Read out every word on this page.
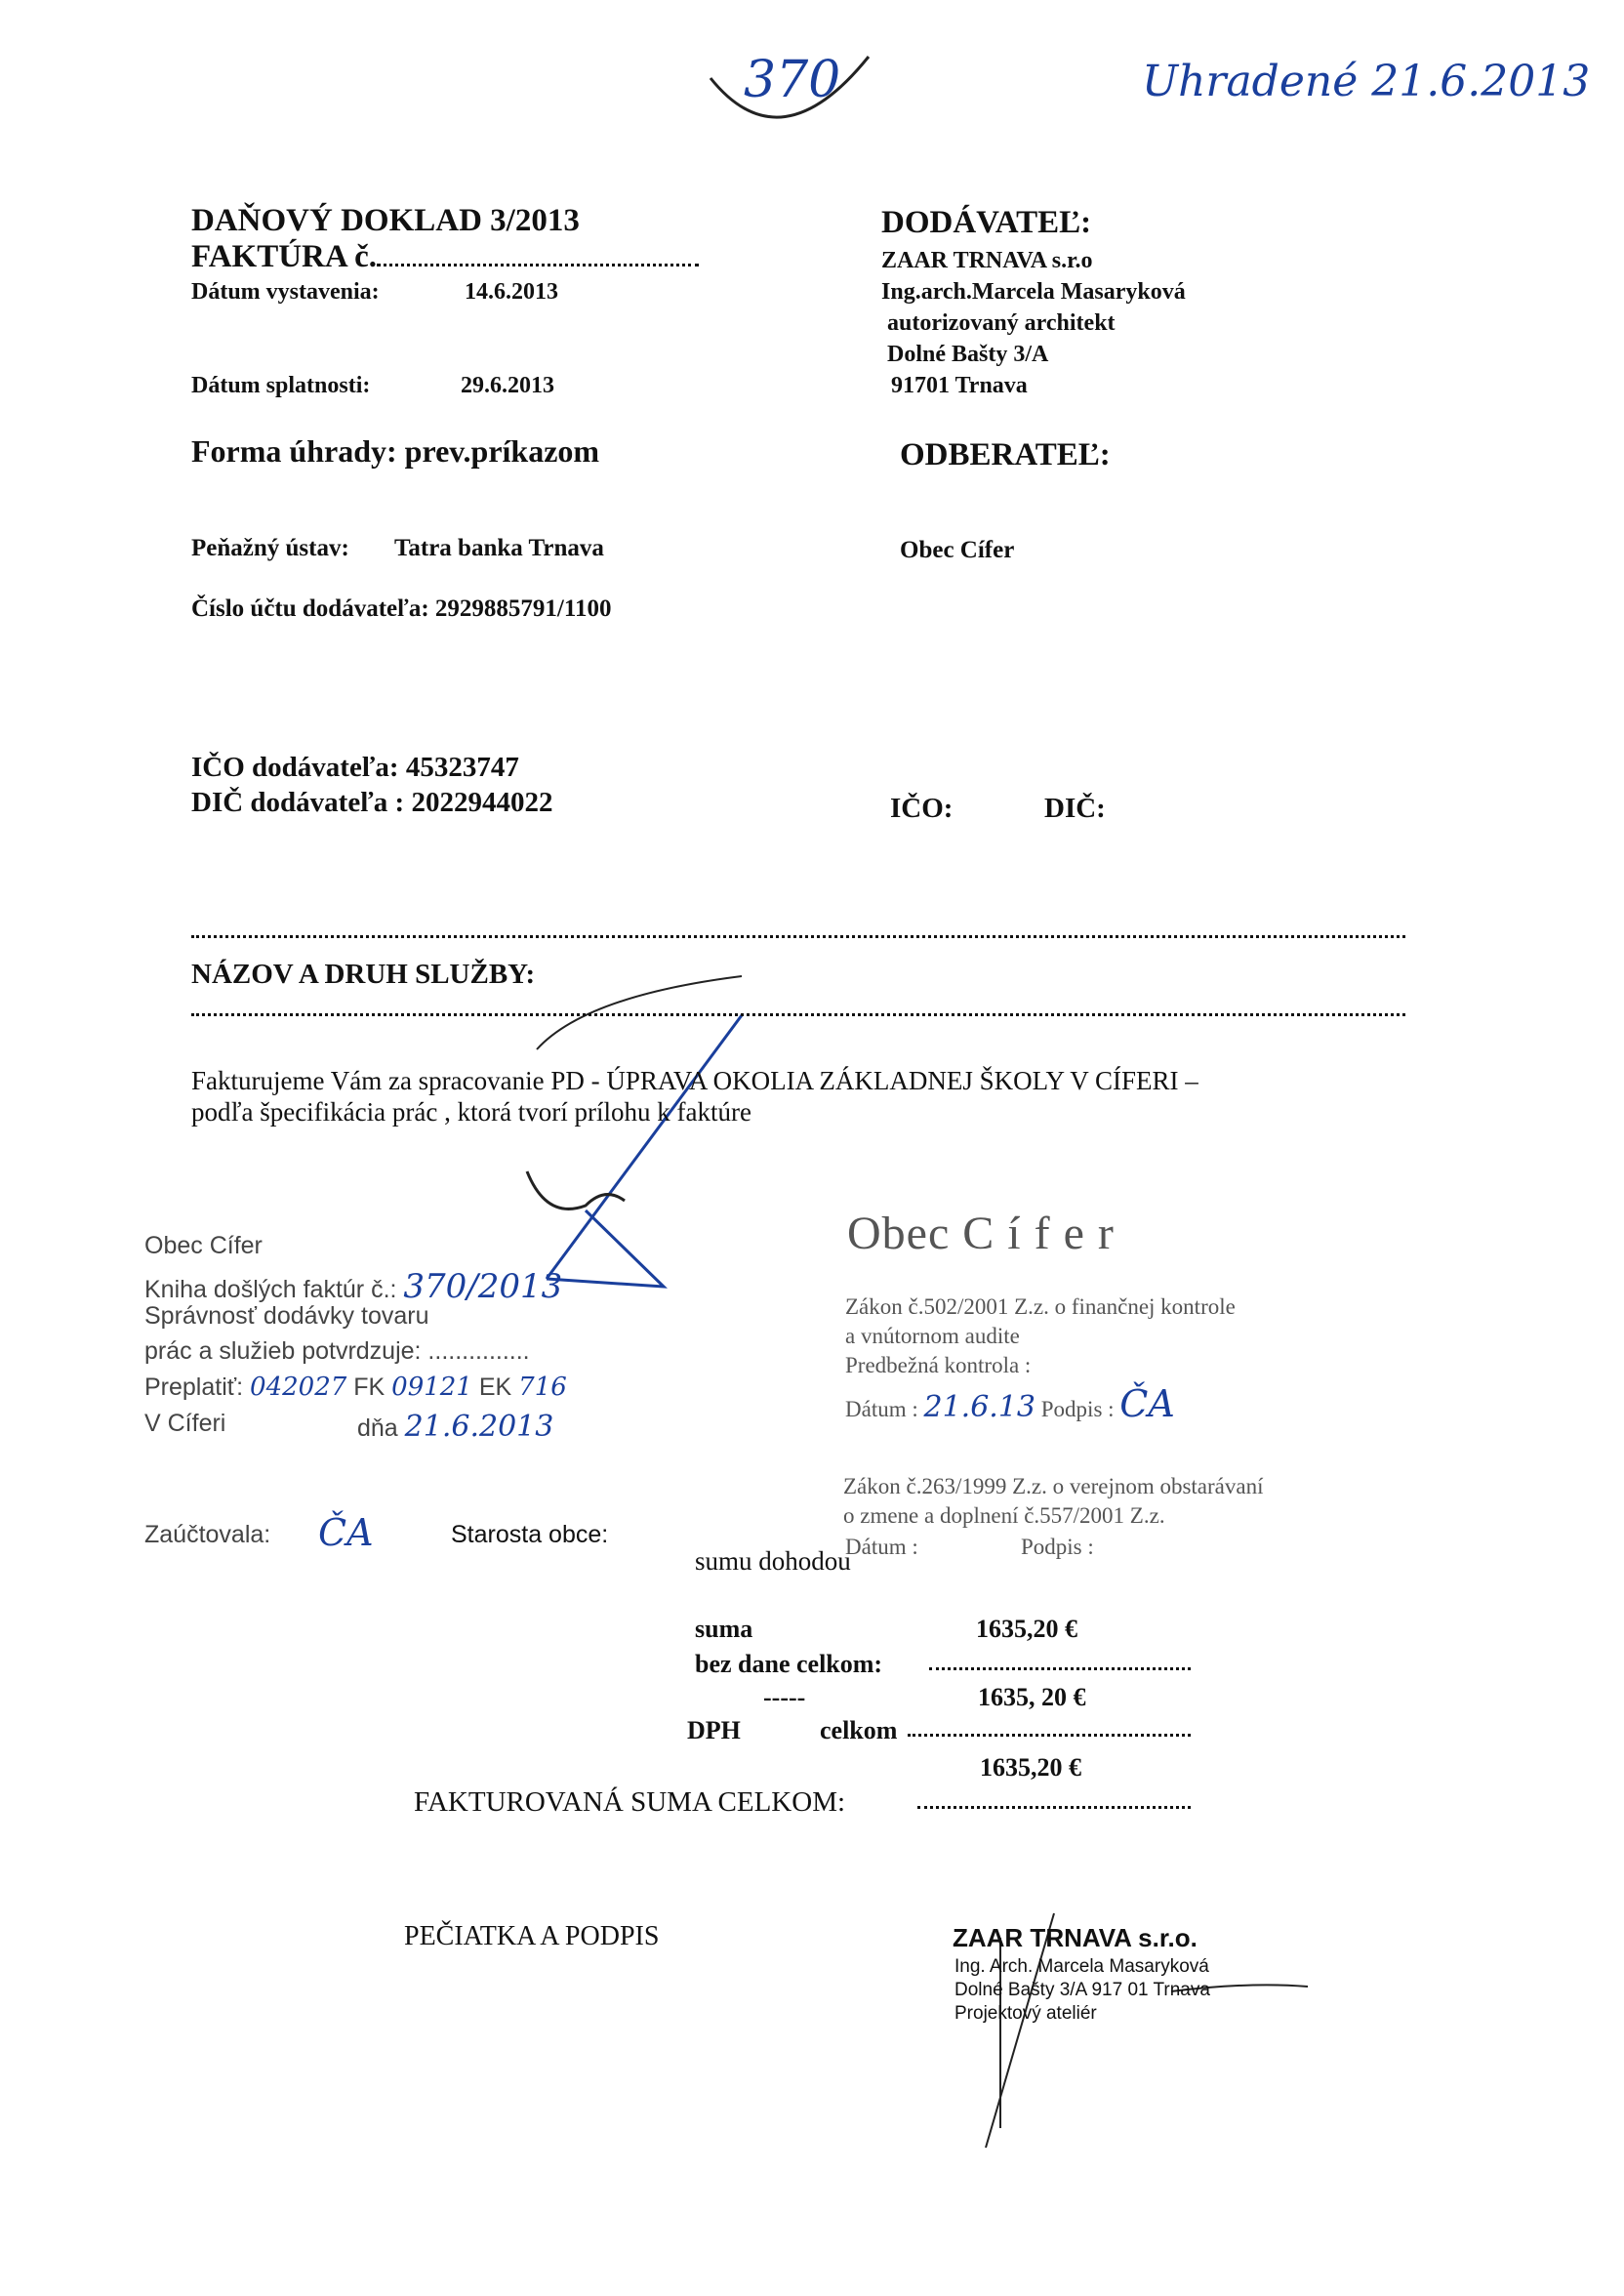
370	Uhradené 21.6.2013
DAŇOVÝ DOKLAD 3/2013
FAKTÚRA č.
Dátum vystavenia:	14.6.2013
Dátum splatnosti:	29.6.2013
Forma úhrady: prev.príkazom
DODÁVATEĽ:
ZAAR TRNAVA s.r.o
Ing.arch.Marcela Masaryková
autorizovaný architekt
Dolné Bašty 3/A
91701 Trnava
ODBERATEĽ:
Obec Cífer
Peňažný ústav: Tatra banka Trnava
Číslo účtu dodávateľa: 2929885791/1100
IČO dodávateľa: 45323747
DIČ dodávateľa : 2022944022	IČO:	DIČ:
NÁZOV A DRUH SLUŽBY:
Fakturujeme Vám za spracovanie PD - ÚPRAVA OKOLIA ZÁKLADNEJ ŠKOLY V CÍFERI –
podľa špecifikácia prác , ktorá tvorí prílohu k faktúre
Obec Cífer
Kniha došlých faktúr č.: 370/2013
Správnosť dodávky tovaru
prác a služieb potvrdzuje: ...............
Preplatiť: 042027 FK 09121 EK 716
V Cíferi	dňa 21.6.2013
Zaúčtovala: ČA	Starosta obce:
Obec C í f e r
Zákon č.502/2001 Z.z. o finančnej kontrole
a vnútornom audite
Predbežná kontrola :
Dátum : 21.6.13 Podpis : ČA
Zákon č.263/1999 Z.z. o verejnom obstarávaní
o zmene a doplnení č.557/2001 Z.z.
Dátum :	Podpis :
sumu dohodou
suma	1635,20 €
bez dane celkom:
-----	1635, 20 €
DPH	celkom
1635,20 €
FAKTUROVANÁ SUMA CELKOM:
PEČIATKA A PODPIS	ZAAR TRNAVA s.r.o.
Ing. Arch. Marcela Masaryková
Dolné Bašty 3/A 917 01 Trnava
Projektový ateliér
